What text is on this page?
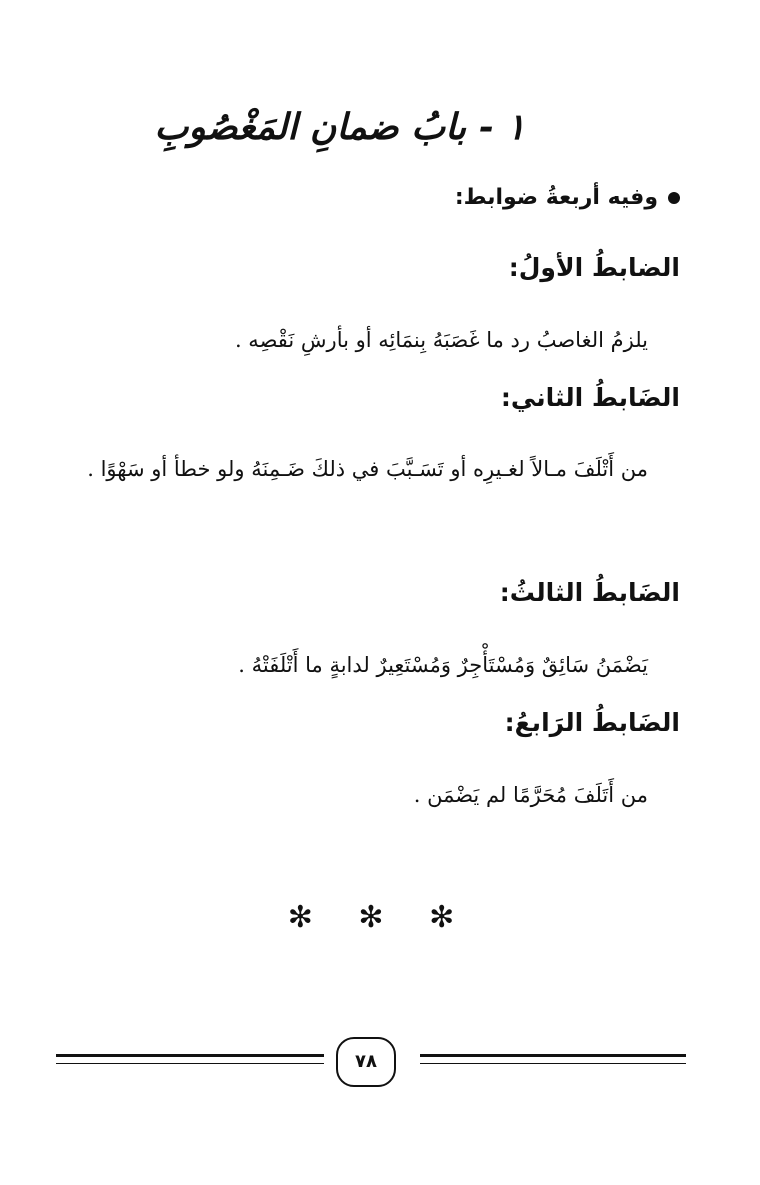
١ - بابُ ضمانِ المَغْصُوبِ

وفيه أربعةُ ضوابط:

الضابطُ الأولُ:

يلزمُ الغاصبُ رد ما غَصَبَهُ بِنمَائِه أو بأرشِ نَقْصِه .

الضَابطُ الثاني:

من أَتْلَفَ مـالاً لغـيرِه أو تَسَـبَّبَ في ذلكَ ضَـمِنَهُ ولو خطأ أو سَهْوًا .

الضَابطُ الثالثُ:

يَضْمَنُ سَائِقٌ وَمُسْتَأْجِرٌ وَمُسْتَعِيرٌ لدابةٍ ما أَتْلَفَتْهُ .

الضَابطُ الرَابعُ:

من أَتَلَفَ مُحَرَّمًا لم يَضْمَن .

✻ ✻ ✻
٧٨
